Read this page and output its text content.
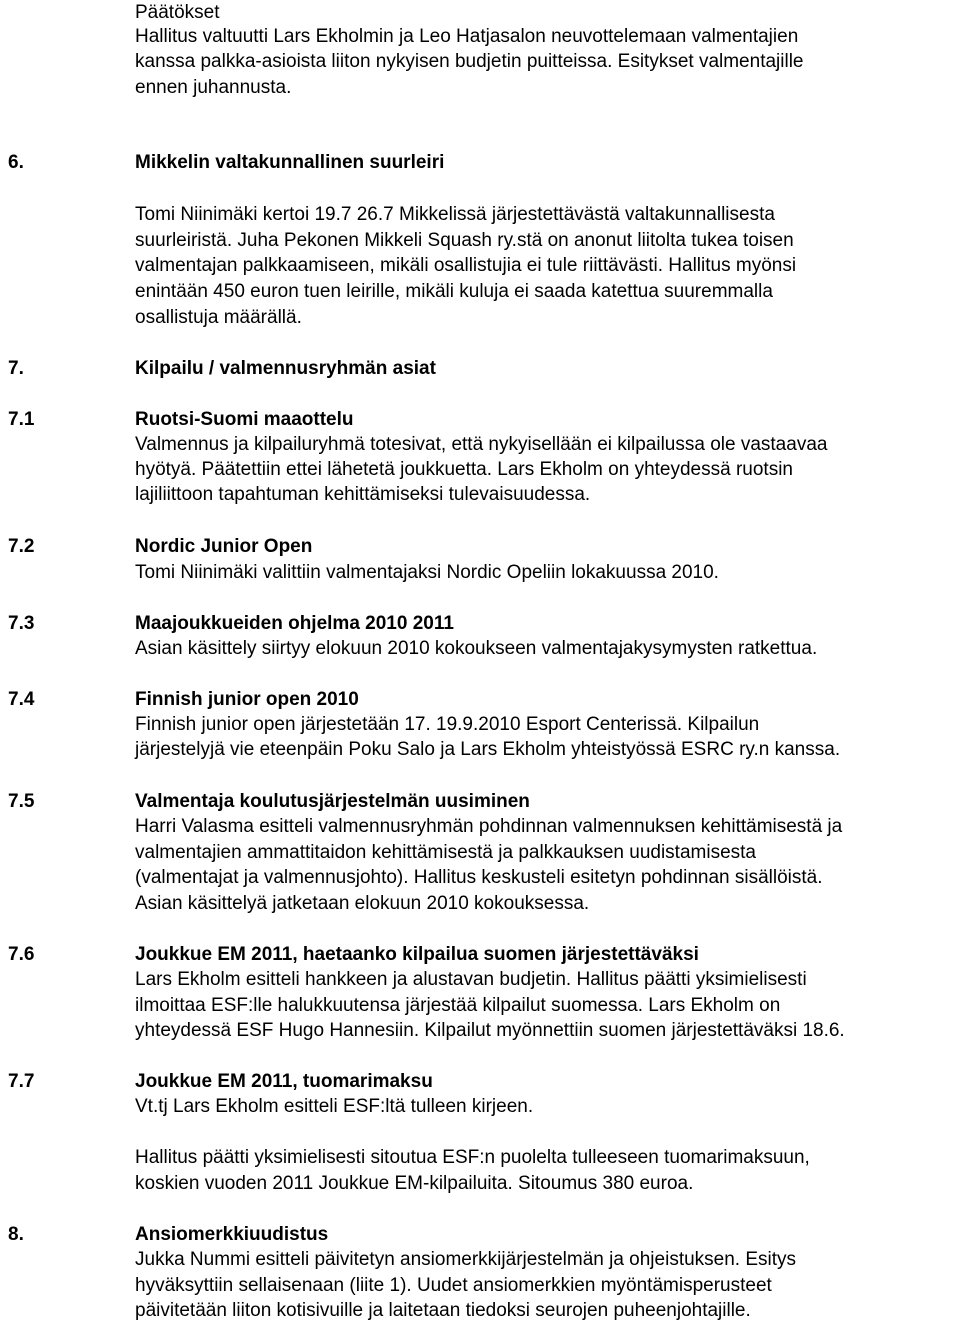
Päätökset
Hallitus valtuutti Lars Ekholmin ja Leo Hatjasalon neuvottelemaan valmentajien
kanssa palkka-asioista liiton nykyisen budjetin puitteissa. Esitykset valmentajille
ennen juhannusta.
6.	Mikkelin valtakunnallinen suurleiri
Tomi Niinimäki kertoi 19.7 26.7 Mikkelissä järjestettävästä valtakunnallisesta
suurleiristä. Juha Pekonen Mikkeli Squash ry.stä on anonut liitolta tukea toisen
valmentajan palkkaamiseen, mikäli osallistujia ei tule riittävästi. Hallitus myönsi
enintään 450 euron tuen leirille, mikäli kuluja ei saada katettua suuremmalla
osallistuja määrällä.
7.	Kilpailu / valmennusryhmän asiat
7.1	Ruotsi-Suomi maaottelu
Valmennus ja kilpailuryhmä totesivat, että nykyisellään ei kilpailussa ole vastaavaa
hyötyä. Päätettiin ettei lähetetä joukkuetta. Lars Ekholm on yhteydessä ruotsin
lajiliittoon tapahtuman kehittämiseksi tulevaisuudessa.
7.2	Nordic Junior Open
Tomi Niinimäki valittiin valmentajaksi Nordic Opeliin lokakuussa 2010.
7.3	Maajoukkueiden ohjelma 2010 2011
Asian käsittely siirtyy elokuun 2010 kokoukseen valmentajakysymysten ratkettua.
7.4	Finnish junior open 2010
Finnish junior open järjestetään 17. 19.9.2010 Esport Centerissä. Kilpailun
järjestelyjä vie eteenpäin Poku Salo ja Lars Ekholm yhteistyössä ESRC ry.n kanssa.
7.5	Valmentaja koulutusjärjestelmän uusiminen
Harri Valasma esitteli valmennusryhmän pohdinnan valmennuksen kehittämisestä ja
valmentajien ammattitaidon kehittämisestä ja palkkauksen uudistamisesta
(valmentajat ja valmennusjohto). Hallitus keskusteli esitetyn pohdinnan sisällöistä.
Asian käsittelyä jatketaan elokuun 2010 kokouksessa.
7.6	Joukkue EM 2011, haetaanko kilpailua suomen järjestettäväksi
Lars Ekholm esitteli hankkeen ja alustavan budjetin. Hallitus päätti yksimielisesti
ilmoittaa ESF:lle halukkuutensa järjestää kilpailut suomessa. Lars Ekholm on
yhteydessä ESF Hugo Hannesiin. Kilpailut myönnettiin suomen järjestettäväksi 18.6.
7.7	Joukkue EM 2011, tuomarimaksu
Vt.tj Lars Ekholm esitteli ESF:ltä tulleen kirjeen.
Hallitus päätti yksimielisesti sitoutua ESF:n puolelta tulleeseen tuomarimaksuun,
koskien vuoden 2011 Joukkue EM-kilpailuita. Sitoumus 380 euroa.
8.	Ansiomerkkiuudistus
Jukka Nummi esitteli päivitetyn ansiomerkkijärjestelmän ja ohjeistuksen. Esitys
hyväksyttiin sellaisenaan (liite 1). Uudet ansiomerkkien myöntämisperusteet
päivitetään liiton kotisivuille ja laitetaan tiedoksi seurojen puheenjohtajille.
